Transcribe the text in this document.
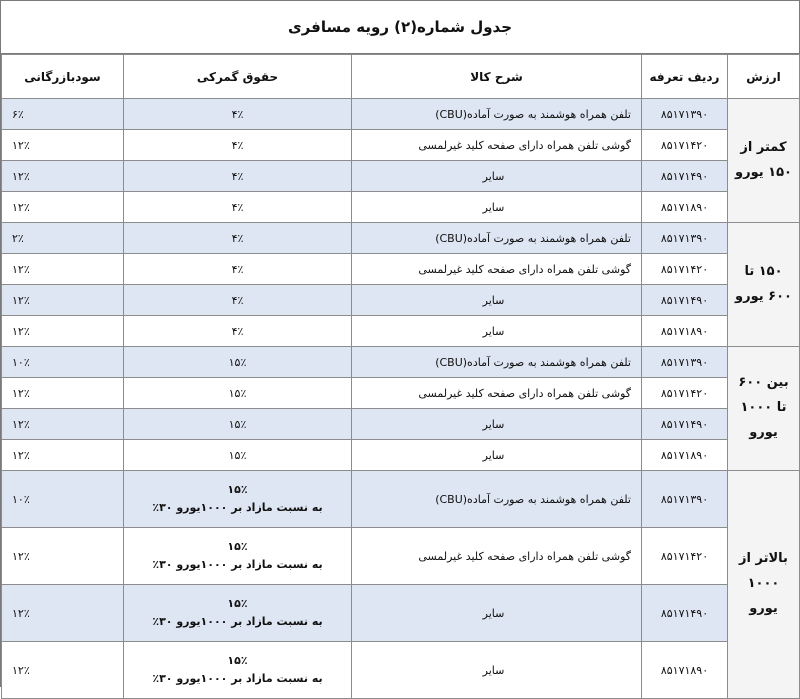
جدول شماره(۲) رویه مسافری
ارزش	ردیف تعرفه	شرح کالا	حقوق گمرکی	سودبازرگانی
کمتر از ۱۵۰ یورو	۸۵۱۷۱۳۹۰	تلفن همراه هوشمند به صورت آماده(CBU)	۴٪	۶٪
	۸۵۱۷۱۴۲۰	گوشی تلفن همراه دارای صفحه کلید غیرلمسی	۴٪	۱۲٪
	۸۵۱۷۱۴۹۰	سایر	۴٪	۱۲٪
	۸۵۱۷۱۸۹۰	سایر	۴٪	۱۲٪
۱۵۰ تا ۶۰۰ یورو	۸۵۱۷۱۳۹۰	تلفن همراه هوشمند به صورت آماده(CBU)	۴٪	۲٪
	۸۵۱۷۱۴۲۰	گوشی تلفن همراه دارای صفحه کلید غیرلمسی	۴٪	۱۲٪
	۸۵۱۷۱۴۹۰	سایر	۴٪	۱۲٪
	۸۵۱۷۱۸۹۰	سایر	۴٪	۱۲٪
بین ۶۰۰ تا ۱۰۰۰ یورو	۸۵۱۷۱۳۹۰	تلفن همراه هوشمند به صورت آماده(CBU)	۱۵٪	۱۰٪
	۸۵۱۷۱۴۲۰	گوشی تلفن همراه دارای صفحه کلید غیرلمسی	۱۵٪	۱۲٪
	۸۵۱۷۱۴۹۰	سایر	۱۵٪	۱۲٪
	۸۵۱۷۱۸۹۰	سایر	۱۵٪	۱۲٪
بالاتر از ۱۰۰۰ یورو	۸۵۱۷۱۳۹۰	تلفن همراه هوشمند به صورت آماده(CBU)	۱۵٪
به نسبت مازاد بر ۱۰۰۰یورو ۳۰٪	۱۰٪
	۸۵۱۷۱۴۲۰	گوشی تلفن همراه دارای صفحه کلید غیرلمسی	۱۵٪
به نسبت مازاد بر ۱۰۰۰یورو ۳۰٪	۱۲٪
	۸۵۱۷۱۴۹۰	سایر	۱۵٪
به نسبت مازاد بر ۱۰۰۰یورو ۳۰٪	۱۲٪
	۸۵۱۷۱۸۹۰	سایر	۱۵٪
به نسبت مازاد بر ۱۰۰۰یورو ۳۰٪	۱۲٪
